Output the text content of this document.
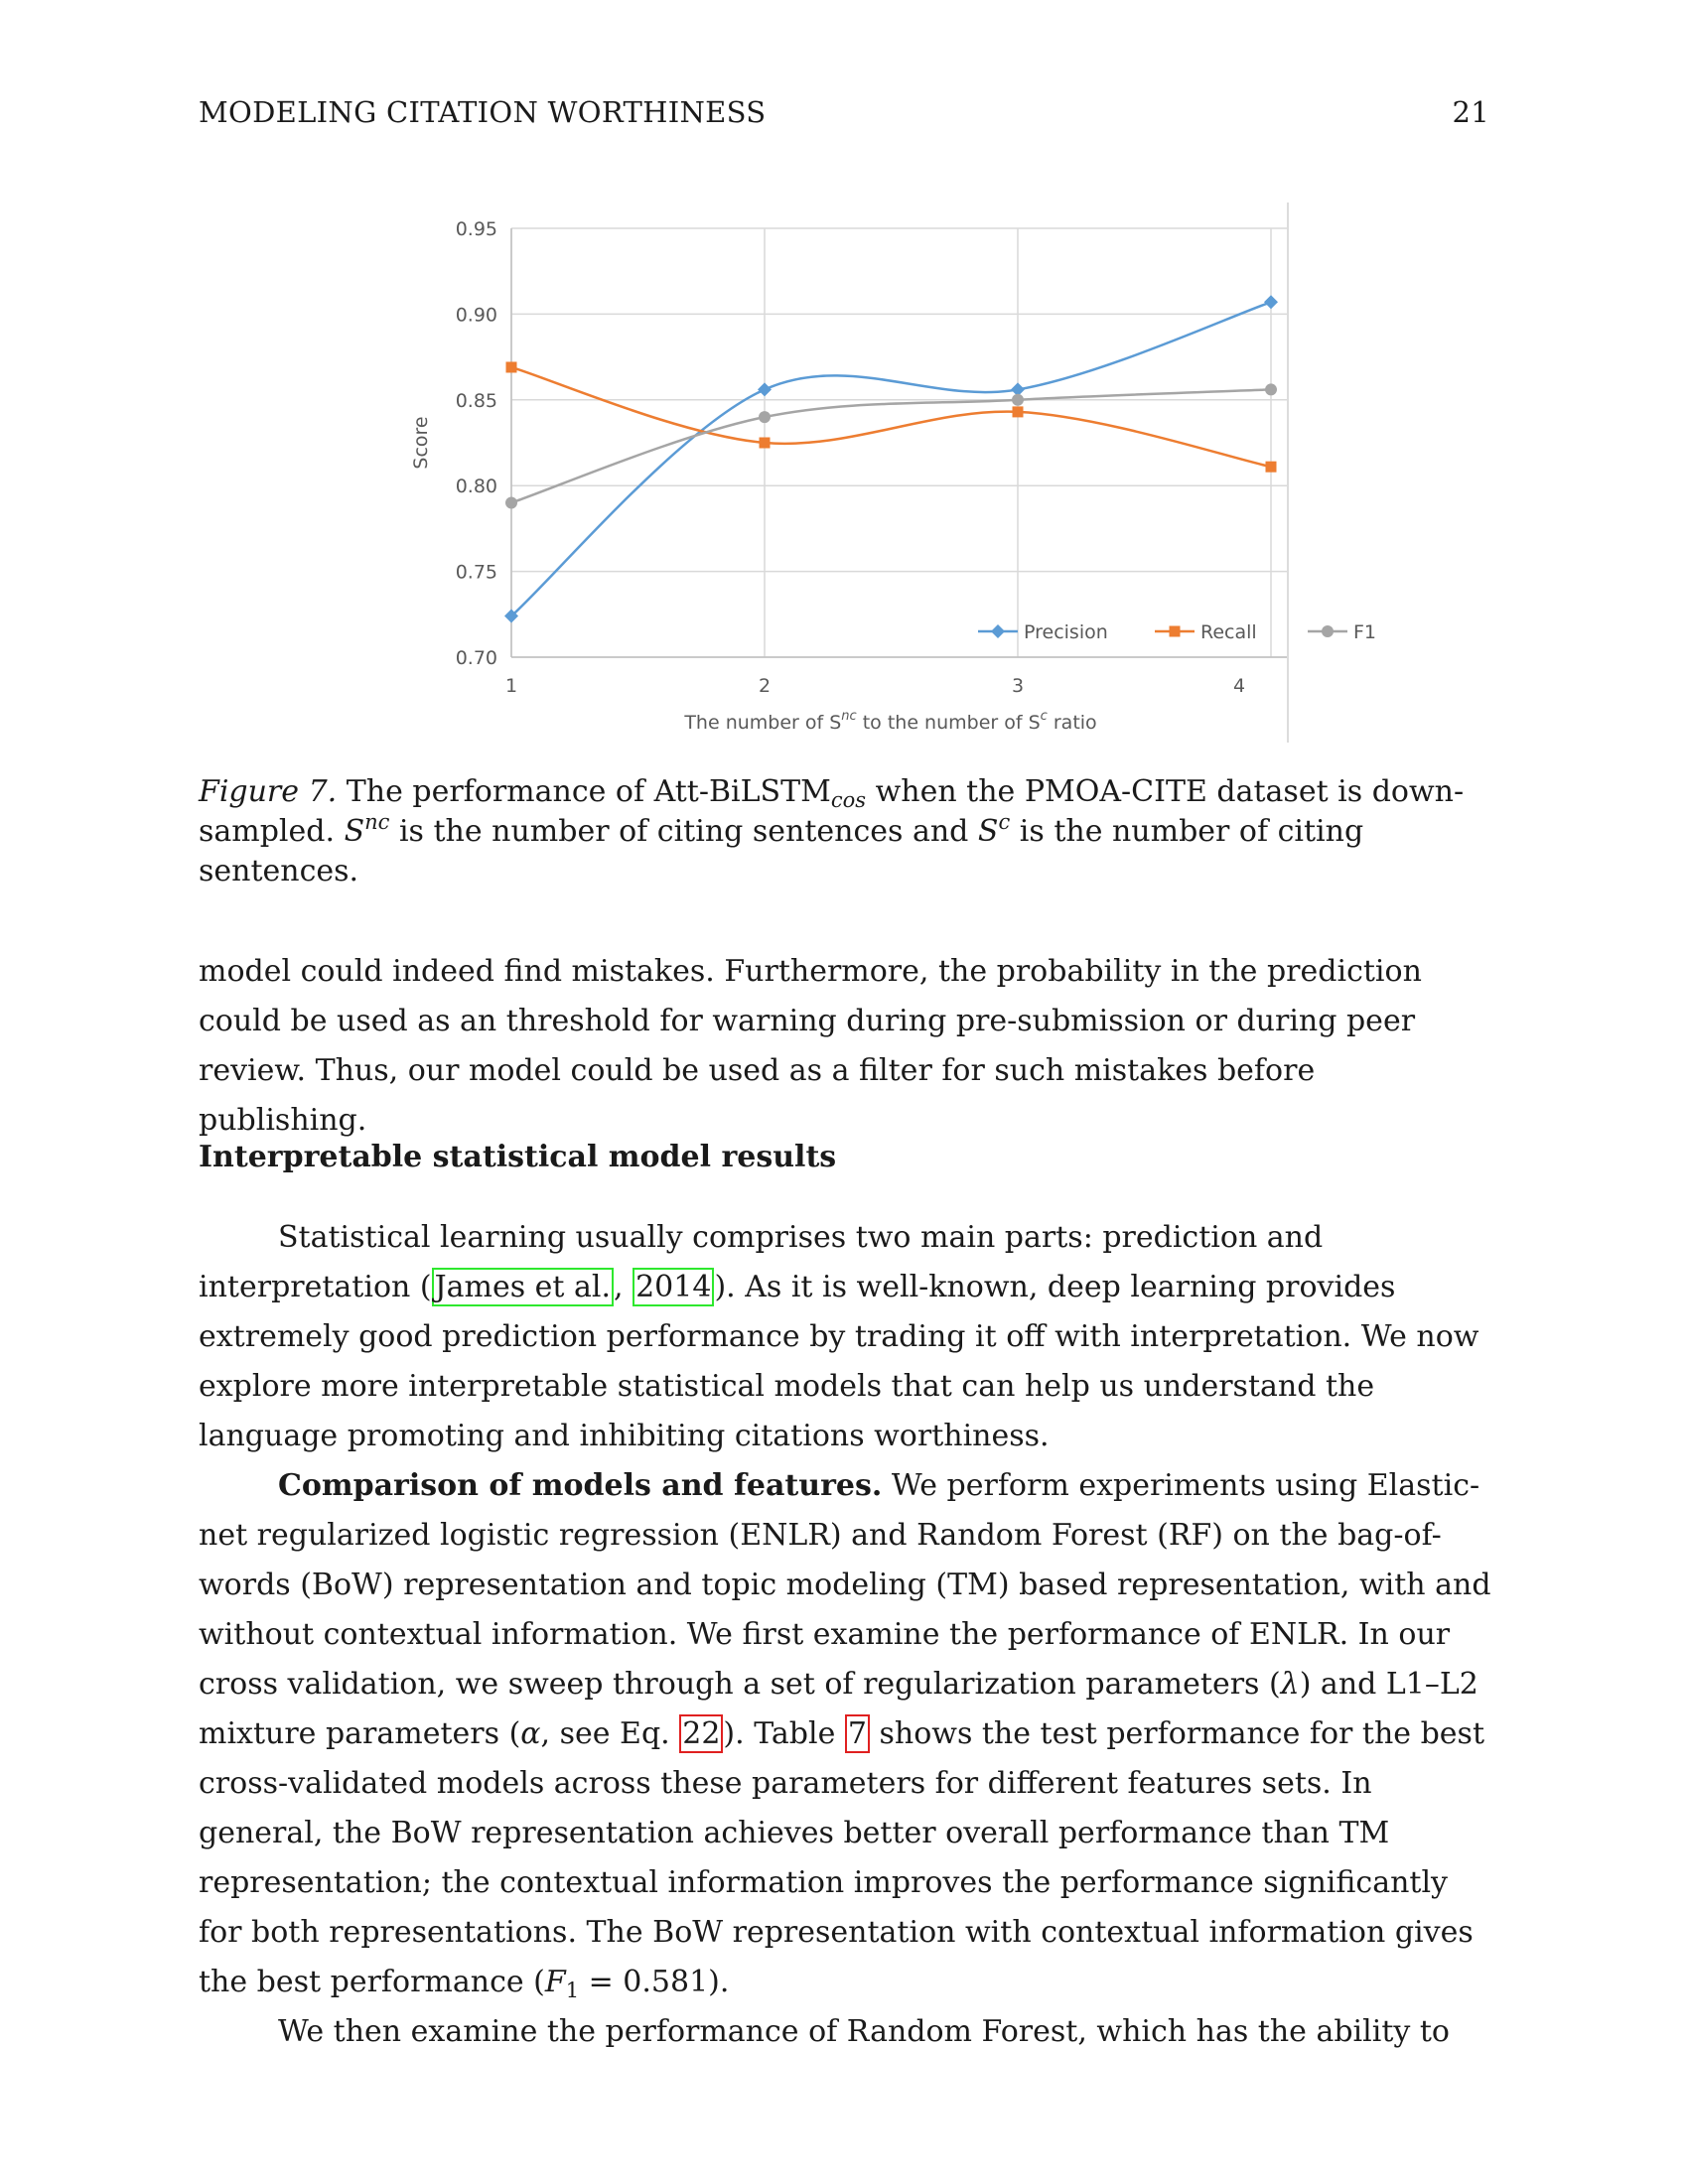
MODELING CITATION WORTHINESS	21
0.70
0.75
0.80
0.85
0.90
0.95
1	2	3	4
Score
The number of $S^{nc}$ to the number of $S^c$ ratio
Precision	Recall	F1
Figure 7. The performance of Att-BiLSTM$_{cos}$ when the PMOA-CITE dataset is down-sampled. $S^{nc}$ is the number of citing sentences and $S^c$ is the number of citing sentences.

model could indeed find mistakes. Furthermore, the probability in the prediction could be used as an threshold for warning during pre-submission or during peer review. Thus, our model could be used as a filter for such mistakes before publishing.

Interpretable statistical model results

Statistical learning usually comprises two main parts: prediction and interpretation ( James et al. , 2014 ). As it is well-known, deep learning provides extremely good prediction performance by trading it off with interpretation. We now explore more interpretable statistical models that can help us understand the language promoting and inhibiting citations worthiness.

Comparison of models and features. We perform experiments using Elastic-net regularized logistic regression (ENLR) and Random Forest (RF) on the bag-of-words (BoW) representation and topic modeling (TM) based representation, with and without contextual information. We first examine the performance of ENLR. In our cross validation, we sweep through a set of regularization parameters (λ) and L1–L2 mixture parameters (α, see Eq. 22 ). Table 7 shows the test performance for the best cross-validated models across these parameters for different features sets. In general, the BoW representation achieves better overall performance than TM representation; the contextual information improves the performance significantly for both representations. The BoW representation with contextual information gives the best performance $(F_1 = 0.581)$.

We then examine the performance of Random Forest, which has the ability to
